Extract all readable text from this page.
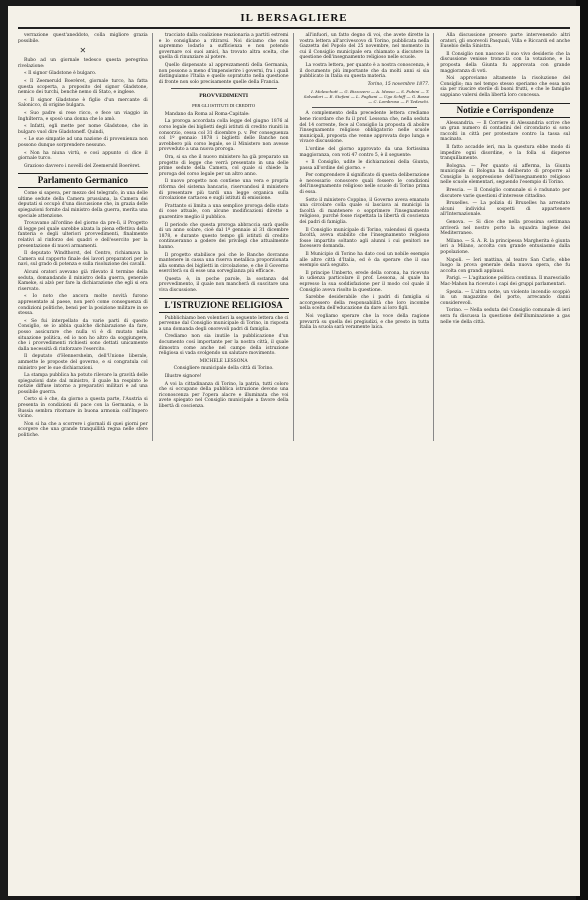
IL BERSAGLIERE

verrazione quest'aneddoto, colla migliore grazia possibile.

✕

Rubo ad un giornale tedesco questa peregrina rivelazione:

« Il signor Gladstone è bulgaro.

« Il Zeemeruld Boerèret, giornale turco, ha fatta questa scoperta, a proposito del signor Gladstone, nemico dei turchi, benchè nemo di Stato, e inglese.

« Il signor Gladstone è figlio d'un mercante di Salonicco, di origine bulgara.

« Suo padre si rese ricco, e fece un viaggio in Inghilterra, e sposò una donna che lo amò.

« Infatti, egli mette per nome Gladstone, che in bulgaro vuol dire Gladstoneff. Quindi,

« Le sue simpatie ad una nazione di provenienza non possono dunque sorprendere nessuno.

« Non ha niuna virtù, e così appunto ci dice il giornale turco.

Grazioso davvero i novelli del Zeemeruld Boerèret.

Parlamento Germanico

Come si sapeva, per mezzo del telegrafo, in una delle ultime sedute della Camera prussiana, la Camera dei deputati si occupò d'una discussione che, in grazia delle spiegazioni fornite dal ministro della guerra, merita una speciale attenzione.

Trovavamo all'ordine del giorno da pre-lì, il Progetto di legge pel quale sarebbe alzata la piena effettiva della fanteria e degli ulteriori provvedimenti, finalmente relativi al rinforzo dei quadri e dell'esercito per la presentazione di nuovi armamenti.

Il deputato Windthorst, del Centro, richiamava la Camera sul rapporto finale dei lavori preparatori per le navi, sul grado di potenza e sulla risoluzione dei cavalli.

Alcuni oratori avevano già rilevato il termine della seduta, domandando il ministro della guerra, generale Kameke, si alzò per fare la dichiarazione che egli si era riservato.

« Io noto che ancora molte novità furono appresentate al paese, non però come conseguenza di condizioni politiche, bensì per la posizione militare in se stessa.

« Se fui interpellato da varie parti di questo Consiglio, se io abbia qualche dichiarazione da fare, posso assicurare che nulla vi è di mutato nella situazione politica, ed io non ho altro da soggiungere, che i provvedimenti richiesti sono dettati unicamente dalla necessità di rinforzare l'esercito.

Il deputato d'Hennersheim, dell'Unione liberale, ammette le proposte del governo, e si congratula col ministro per le sue dichiarazioni.

La stampa pubblica ha potuto rilevare la gravità delle spiegazioni date dal ministro, il quale ha respinto le notizie diffuse intorno a preparativi militari e ad una possibile guerra.

Certo si è che, da giorno a questa parte, l'Austria si presenta in condizioni di pace con la Germania, e la Russia sembra ritornare in buona armonia coll'Impero vicino.

Non si ha che a scorrere i giornali di quei giorni per scorgere che una grande tranquillità regna nelle sfere politiche.

tracciato dalla coalizione reazionaria a partiti estremi e lo consigliano a ritirarsi. Noi diciamo che non sapremmo lodarlo a sufficienza e non potendo governare coi suoi amici, ha trovato altra scelta, che quella di rinunziare al potere.

Quello dispensato al apprezzamenti della Germania, non possono a meno d'impensierire i governi, fra i quali distinguiamo l'Italia e quello sopratutto nella questione di fronte non solo precisamente quelle della Francia.

PROVVEDIMENTI
PER GLI ISTITUTI DI CREDITO

Mandano da Roma al Roma-Capitale:

La proroga accordata colla legge del giugno 1876 al corso legale dei biglietti degli istituti di credito riuniti in consorzio, cessa col 31 dicembre p. v. Per conseguenza col 1º gennaio 1878 i biglietti delle Banche non avrebbero più corso legale, se il Ministero non avesse provveduto a una nuova proroga.

Ora, si sa che il nuovo ministero ha già preparato un progetto di legge che verrà presentato in una delle prime sedute della Camera, col quale si chiede la proroga del corso legale per un altro anno.

Il nuovo progetto non contiene una vera e propria riforma del sistema bancario, riservandosi il ministero di presentare più tardi una legge organica sulla circolazione cartacea e sugli istituti di emissione.

Frattanto si limita a una semplice proroga dello stato di cose attuale, con alcune modificazioni dirette a guarentire meglio il pubblico.

Il periodo che questa proroga abbraccia sarà quello di un anno solare, cioè dal 1º gennaio al 31 dicembre 1878, e durante questo tempo gli istituti di credito continueranno a godere dei privilegi che attualmente hanno.

Il progetto stabilisce poi che le Banche dovranno mantenere in cassa una riserva metallica proporzionata alla somma dei biglietti in circolazione, e che il Governo eserciterà su di esse una sorveglianza più efficace.

Questa è, in poche parole, la sostanza del provvedimento, il quale non mancherà di suscitare una viva discussione.

L'ISTRUZIONE RELIGIOSA

Pubblichiamo ben volentieri la seguente lettera che ci pervenne dal Consiglio municipale di Torino, in risposta a una domanda degli onorevoli padri di famiglia.

Crediamo non sia inutile la pubblicazione d'un documento così importante per la nostra città, il quale dimostra come anche nel campo della istruzione religiosa si vada svolgendo un salutare movimento.

MICHELE LESSONA

Consigliere municipale della città di Torino.

Illustre signore!

A voi la cittadinanza di Torino, la patria, tutti coloro che si occupano della pubblica istruzione devono una riconoscenza per l'opera alacre e illuminata che voi avete spiegato nel Consiglio municipale a favore della libertà di coscienza.

all'infuori, un fatto degno di voi, che avete dirette la vostra lettera all'arcivescovo di Torino, pubblicata nella Gazzetta del Popolo del 25 novembre, nel momento in cui il Consiglio municipale era chiamato a discutere la questione dell'insegnamento religioso nelle scuole.

La vostra lettera, per quanto è a nostra conoscenza, è il documento più importante che da molti anni si sia pubblicato in Italia su questa materia.

Torino, 15 novembre 1877.

I. Moleschott — G. Bizzozero — A. Mosso — S. Fubini — T. Salvadori — E. Stefani — L. Pagliani — Ugo Schiff — G. Basso — C. Lombroso — P. Tedeschi.

A complemento della precedente lettera crediamo bene ricordare che fu il prof. Lessona che, nella seduta del 14 corrente, fece al Consiglio la proposta di abolire l'insegnamento religioso obbligatorio nelle scuole municipali, proposta che venne approvata dopo lunga e vivace discussione.

L'ordine del giorno approvato da una fortissima maggioranza, con voti 47 contro 5, è il seguente:

« Il Consiglio, udite le dichiarazioni della Giunta, passa all'ordine del giorno. »

Per comprendere il significato di questa deliberazione è necessario conoscere quali fossero le condizioni dell'insegnamento religioso nelle scuole di Torino prima di essa.

Sotto il ministero Coppino, il Governo aveva emanato una circolare colla quale si lasciava ai municipi la facoltà di mantenere o sopprimere l'insegnamento religioso, purché fosse rispettata la libertà di coscienza dei padri di famiglia.

Il Consiglio municipale di Torino, valendosi di questa facoltà, aveva stabilito che l'insegnamento religioso fosse impartito soltanto agli alunni i cui genitori ne facessero domanda.

Il Municipio di Torino ha dato così un nobile esempio alle altre città d'Italia, ed è da sperare che il suo esempio sarà seguito.

Il principe Umberto, erede della corona, ha ricevuto in udienza particolare il prof. Lessona, al quale ha espresso la sua soddisfazione per il modo col quale il Consiglio aveva risolto la questione.

Sarebbe desiderabile che i padri di famiglia si accorgessero della responsabilità che loro incombe nella scelta dell'educazione da dare ai loro figli.

Noi vogliamo sperare che la voce della ragione prevarrà su quella dei pregiudizi, e che presto in tutta Italia la scuola sarà veramente laica.

Alla discussione presero parte intervenendo altri oratori, gli onorevoli Pasquali, Villa e Riccardi ed anche Eusebio della Sinistra.

Il Consiglio non nascose il suo vivo desiderio che la discussione venisse troncata con la votazione, e la proposta della Giunta fu approvata con grande maggioranza di voti.

Noi approviamo altamente la risoluzione del Consiglio; ma nel tempo stesso speriamo che essa non sia per riuscire sterile di buoni frutti, e che le famiglie sappiano valersi della libertà loro concessa.

Notizie e Corrispondenze

Alessandria. — Il Corriere di Alessandria scrive che un gran numero di contadini del circondario si sono raccolti in città per protestare contro la tassa sul macinato.

Il fatto accadde ieri, ma la questura ebbe modo di impedire ogni disordine, e la folla si disperse tranquillamente.

Bologna. — Per quanto si afferma, la Giunta municipale di Bologna ha deliberato di proporre al Consiglio la soppressione dell'insegnamento religioso nelle scuole elementari, seguendo l'esempio di Torino.

Brescia. — Il Consiglio comunale si è radunato per discutere varie questioni d'interesse cittadino.

Bruxelles. — La polizia di Bruxelles ha arrestato alcuni individui sospetti di appartenere all'Internazionale.

Genova. — Si dice che nella prossima settimana arriverà nel nostro porto la squadra inglese del Mediterraneo.

Milano. — S. A. R. la principessa Margherita è giunta ieri a Milano, accolta con grande entusiasmo dalla popolazione.

Napoli. — Ieri mattina, al teatro San Carlo, ebbe luogo la prova generale della nuova opera, che fu accolta con grandi applausi.

Parigi. — L'agitazione politica continua. Il maresciallo Mac-Mahon ha ricevuto i capi dei gruppi parlamentari.

Spezia. — L'altra notte, un violento incendio scoppiò in un magazzino del porto, arrecando danni considerevoli.

Torino. — Nella seduta del Consiglio comunale di ieri sera fu discussa la questione dell'illuminazione a gas nelle vie della città.
